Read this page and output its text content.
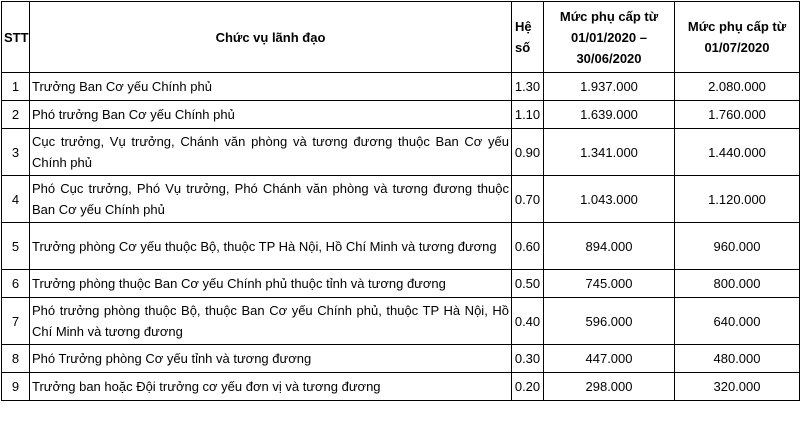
STT	Chức vụ lãnh đạo	Hệ số	Mức phụ cấp từ 01/01/2020 – 30/06/2020	Mức phụ cấp từ 01/07/2020
1	Trưởng Ban Cơ yếu Chính phủ	1.30	1.937.000	2.080.000
2	Phó trưởng Ban Cơ yếu Chính phủ	1.10	1.639.000	1.760.000
3	Cục trưởng, Vụ trưởng, Chánh văn phòng và tương đương thuộc Ban Cơ yếu Chính phủ	0.90	1.341.000	1.440.000
4	Phó Cục trưởng, Phó Vụ trưởng, Phó Chánh văn phòng và tương đương thuộc Ban Cơ yếu Chính phủ	0.70	1.043.000	1.120.000
5	Trưởng phòng Cơ yếu thuộc Bộ, thuộc TP Hà Nội, Hồ Chí Minh và tương đương	0.60	894.000	960.000
6	Trưởng phòng thuộc Ban Cơ yếu Chính phủ thuộc tỉnh và tương đương	0.50	745.000	800.000
7	Phó trưởng phòng thuộc Bộ, thuộc Ban Cơ yếu Chính phủ, thuộc TP Hà Nội, Hồ Chí Minh và tương đương	0.40	596.000	640.000
8	Phó Trưởng phòng Cơ yếu tỉnh và tương đương	0.30	447.000	480.000
9	Trưởng ban hoặc Đội trưởng cơ yếu đơn vị và tương đương	0.20	298.000	320.000
